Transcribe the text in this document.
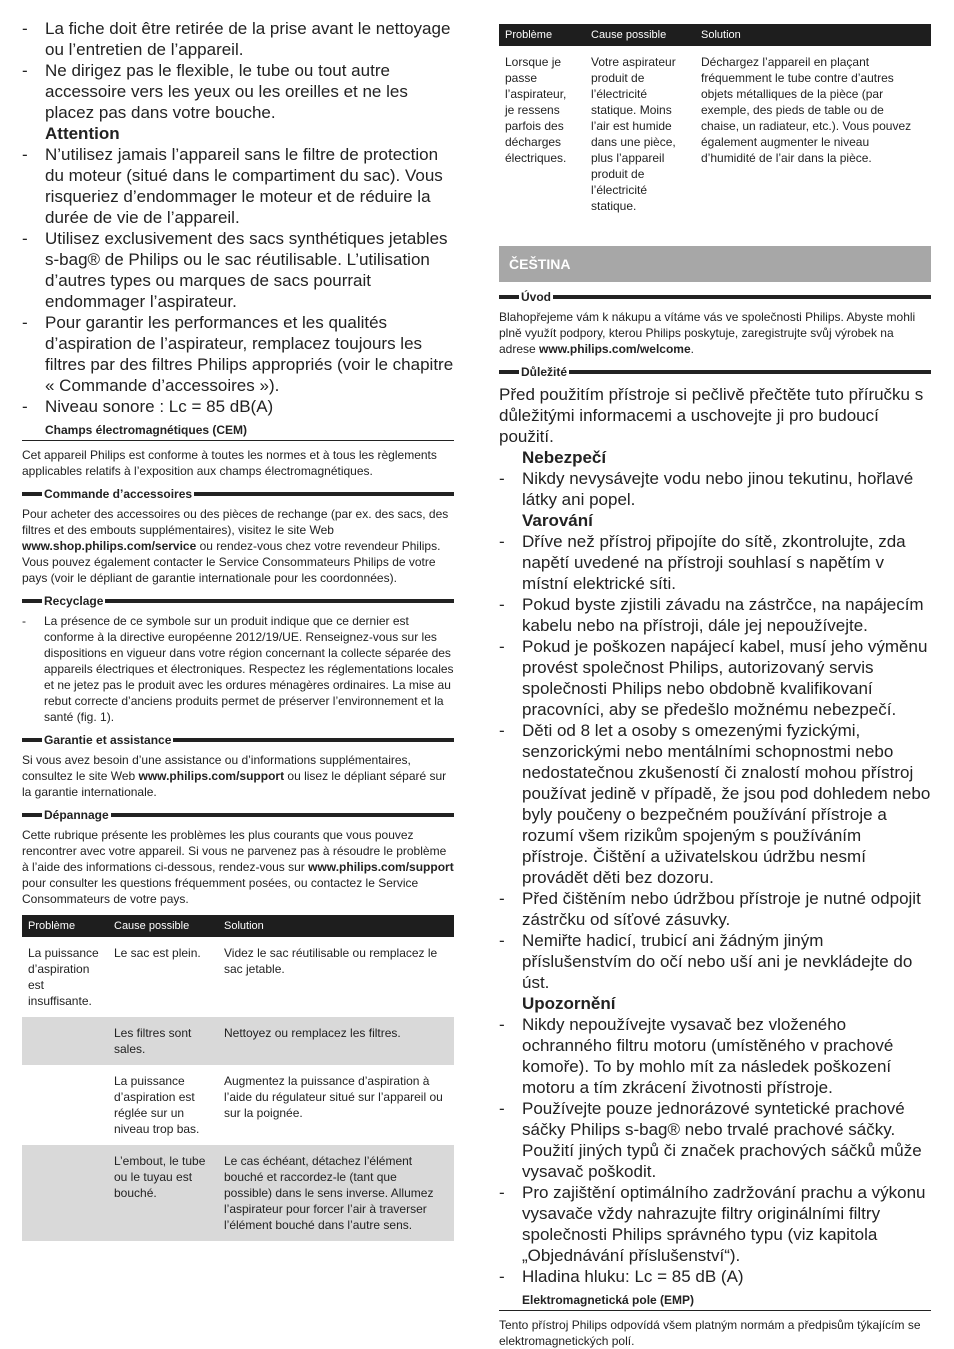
-	La fiche doit être retirée de la prise avant le nettoyage ou l’entretien de l’appareil.
-	Ne dirigez pas le flexible, le tube ou tout autre accessoire vers les yeux ou les oreilles et ne les placez pas dans votre bouche.
Attention
-	N’utilisez jamais l’appareil sans le filtre de protection du moteur (situé dans le compartiment du sac). Vous risqueriez d’endommager le moteur et de réduire la durée de vie de l’appareil.
-	Utilisez exclusivement des sacs synthétiques jetables s-bag® de Philips ou le sac réutilisable. L’utilisation d’autres types ou marques de sacs pourrait endommager l’aspirateur.
-	Pour garantir les performances et les qualités d’aspiration de l’aspirateur, remplacez toujours les filtres par des filtres Philips appropriés (voir le chapitre « Commande d’accessoires »).
-	Niveau sonore : Lc = 85 dB(A)
Champs électromagnétiques (CEM)
Cet appareil Philips est conforme à toutes les normes et à tous les règlements applicables relatifs à l’exposition aux champs électromagnétiques.
Commande d’accessoires
Pour acheter des accessoires ou des pièces de rechange (par ex. des sacs, des filtres et des embouts supplémentaires), visitez le site Web www.shop.philips.com/service ou rendez-vous chez votre revendeur Philips. Vous pouvez également contacter le Service Consommateurs Philips de votre pays (voir le dépliant de garantie internationale pour les coordonnées).
Recyclage
-	La présence de ce symbole sur un produit indique que ce dernier est conforme à la directive européenne 2012/19/UE. Renseignez-vous sur les dispositions en vigueur dans votre région concernant la collecte séparée des appareils électriques et électroniques. Respectez les réglementations locales et ne jetez pas le produit avec les ordures ménagères ordinaires. La mise au rebut correcte d’anciens produits permet de préserver l’environnement et la santé (fig. 1).
Garantie et assistance
Si vous avez besoin d’une assistance ou d’informations supplémentaires, consultez le site Web www.philips.com/support ou lisez le dépliant séparé sur la garantie internationale.
Dépannage
Cette rubrique présente les problèmes les plus courants que vous pouvez rencontrer avec votre appareil. Si vous ne parvenez pas à résoudre le problème à l’aide des informations ci-dessous, rendez-vous sur www.philips.com/support pour consulter les questions fréquemment posées, ou contactez le Service Consommateurs de votre pays.
Problème	Cause possible	Solution
La puissance d’aspiration est insuffisante.	Le sac est plein.	Videz le sac réutilisable ou remplacez le sac jetable.
	Les filtres sont sales.	Nettoyez ou remplacez les filtres.
	La puissance d’aspiration est réglée sur un niveau trop bas.	Augmentez la puissance d’aspiration à l’aide du régulateur situé sur l’appareil ou sur la poignée.
	L’embout, le tube ou le tuyau est bouché.	Le cas échéant, détachez l’élément bouché et raccordez-le (tant que possible) dans le sens inverse. Allumez l’aspirateur pour forcer l’air à traverser l’élément bouché dans l’autre sens.
Problème	Cause possible	Solution
Lorsque je passe l’aspirateur, je ressens parfois des décharges électriques.	Votre aspirateur produit de l’électricité statique. Moins l’air est humide dans une pièce, plus l’appareil produit de l’électricité statique.	Déchargez l’appareil en plaçant fréquemment le tube contre d’autres objets métalliques de la pièce (par exemple, des pieds de table ou de chaise, un radiateur, etc.). Vous pouvez également augmenter le niveau d’humidité de l’air dans la pièce.
ČEŠTINA
Úvod
Blahopřejeme vám k nákupu a vítáme vás ve společnosti Philips. Abyste mohli plně využít podpory, kterou Philips poskytuje, zaregistrujte svůj výrobek na adrese www.philips.com/welcome.
Důležité
Před použitím přístroje si pečlivě přečtěte tuto příručku s důležitými informacemi a uschovejte ji pro budoucí použití.
Nebezpečí
-	Nikdy nevysávejte vodu nebo jinou tekutinu, hořlavé látky ani popel.
Varování
-	Dříve než přístroj připojíte do sítě, zkontrolujte, zda napětí uvedené na přístroji souhlasí s napětím v místní elektrické síti.
-	Pokud byste zjistili závadu na zástrčce, na napájecím kabelu nebo na přístroji, dále jej nepoužívejte.
-	Pokud je poškozen napájecí kabel, musí jeho výměnu provést společnost Philips, autorizovaný servis společnosti Philips nebo obdobně kvalifikovaní pracovníci, aby se předešlo možnému nebezpečí.
-	Děti od 8 let a osoby s omezenými fyzickými, senzorickými nebo mentálními schopnostmi nebo nedostatečnou zkušeností či znalostí mohou přístroj používat jedině v případě, že jsou pod dohledem nebo byly poučeny o bezpečném používání přístroje a rozumí všem rizikům spojeným s používáním přístroje. Čištění a uživatelskou údržbu nesmí provádět děti bez dozoru.
-	Před čištěním nebo údržbou přístroje je nutné odpojit zástrčku od síťové zásuvky.
-	Nemiřte hadicí, trubicí ani žádným jiným příslušenstvím do očí nebo uší ani je nevkládejte do úst.
Upozornění
-	Nikdy nepoužívejte vysavač bez vloženého ochranného filtru motoru (umístěného v prachové komoře). To by mohlo mít za následek poškození motoru a tím zkrácení životnosti přístroje.
-	Používejte pouze jednorázové syntetické prachové sáčky Philips s-bag® nebo trvalé prachové sáčky. Použití jiných typů či značek prachových sáčků může vysavač poškodit.
-	Pro zajištění optimálního zadržování prachu a výkonu vysavače vždy nahrazujte filtry originálními filtry společnosti Philips správného typu (viz kapitola „Objednávání příslušenství“).
-	Hladina hluku: Lc = 85 dB (A)
Elektromagnetická pole (EMP)
Tento přístroj Philips odpovídá všem platným normám a předpisům týkajícím se elektromagnetických polí.
